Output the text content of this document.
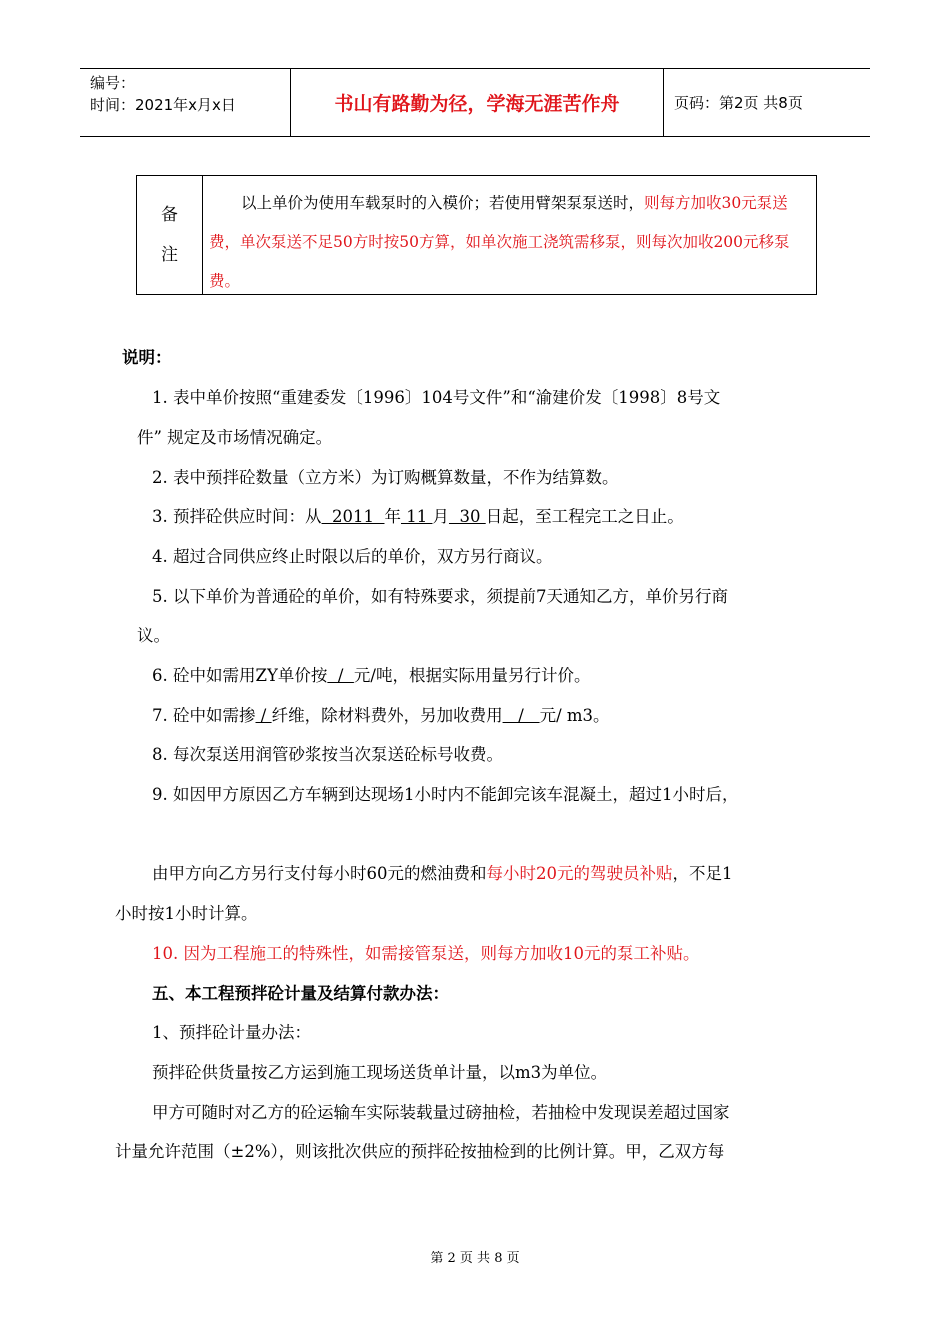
编号：
时间：2021年x月x日	书山有路勤为径，学海无涯苦作舟	页码：第2页 共8页
备
注
以上单价为使用车载泵时的入模价；若使用臂架泵泵送时，则每方加收30元泵送费，单次泵送不足50方时按50方算，如单次施工浇筑需移泵，则每次加收200元移泵费。
说明：
1. 表中单价按照“重建委发〔1996〕104号文件”和“渝建价发〔1998〕8号文
件” 规定及市场情况确定。
2. 表中预拌砼数量（立方米）为订购概算数量，不作为结算数。
3. 预拌砼供应时间：从  2011  年 11 月  30 日起，至工程完工之日止。
4. 超过合同供应终止时限以后的单价，双方另行商议。
5. 以下单价为普通砼的单价，如有特殊要求，须提前7天通知乙方，单价另行商
议。
6. 砼中如需用ZY单价按  /  元/吨，根据实际用量另行计价。
7. 砼中如需掺 / 纤维，除材料费外，另加收费用   /   元/ m3。
8. 每次泵送用润管砂浆按当次泵送砼标号收费。
9. 如因甲方原因乙方车辆到达现场1小时内不能卸完该车混凝土，超过1小时后，
由甲方向乙方另行支付每小时60元的燃油费和每小时20元的驾驶员补贴，不足1
小时按1小时计算。
10. 因为工程施工的特殊性，如需接管泵送，则每方加收10元的泵工补贴。
五、本工程预拌砼计量及结算付款办法：
1、预拌砼计量办法：
预拌砼供货量按乙方运到施工现场送货单计量，以m3为单位。
甲方可随时对乙方的砼运输车实际装载量过磅抽检，若抽检中发现误差超过国家
计量允许范围（±2%），则该批次供应的预拌砼按抽检到的比例计算。甲，乙双方每
第 2 页 共 8 页
